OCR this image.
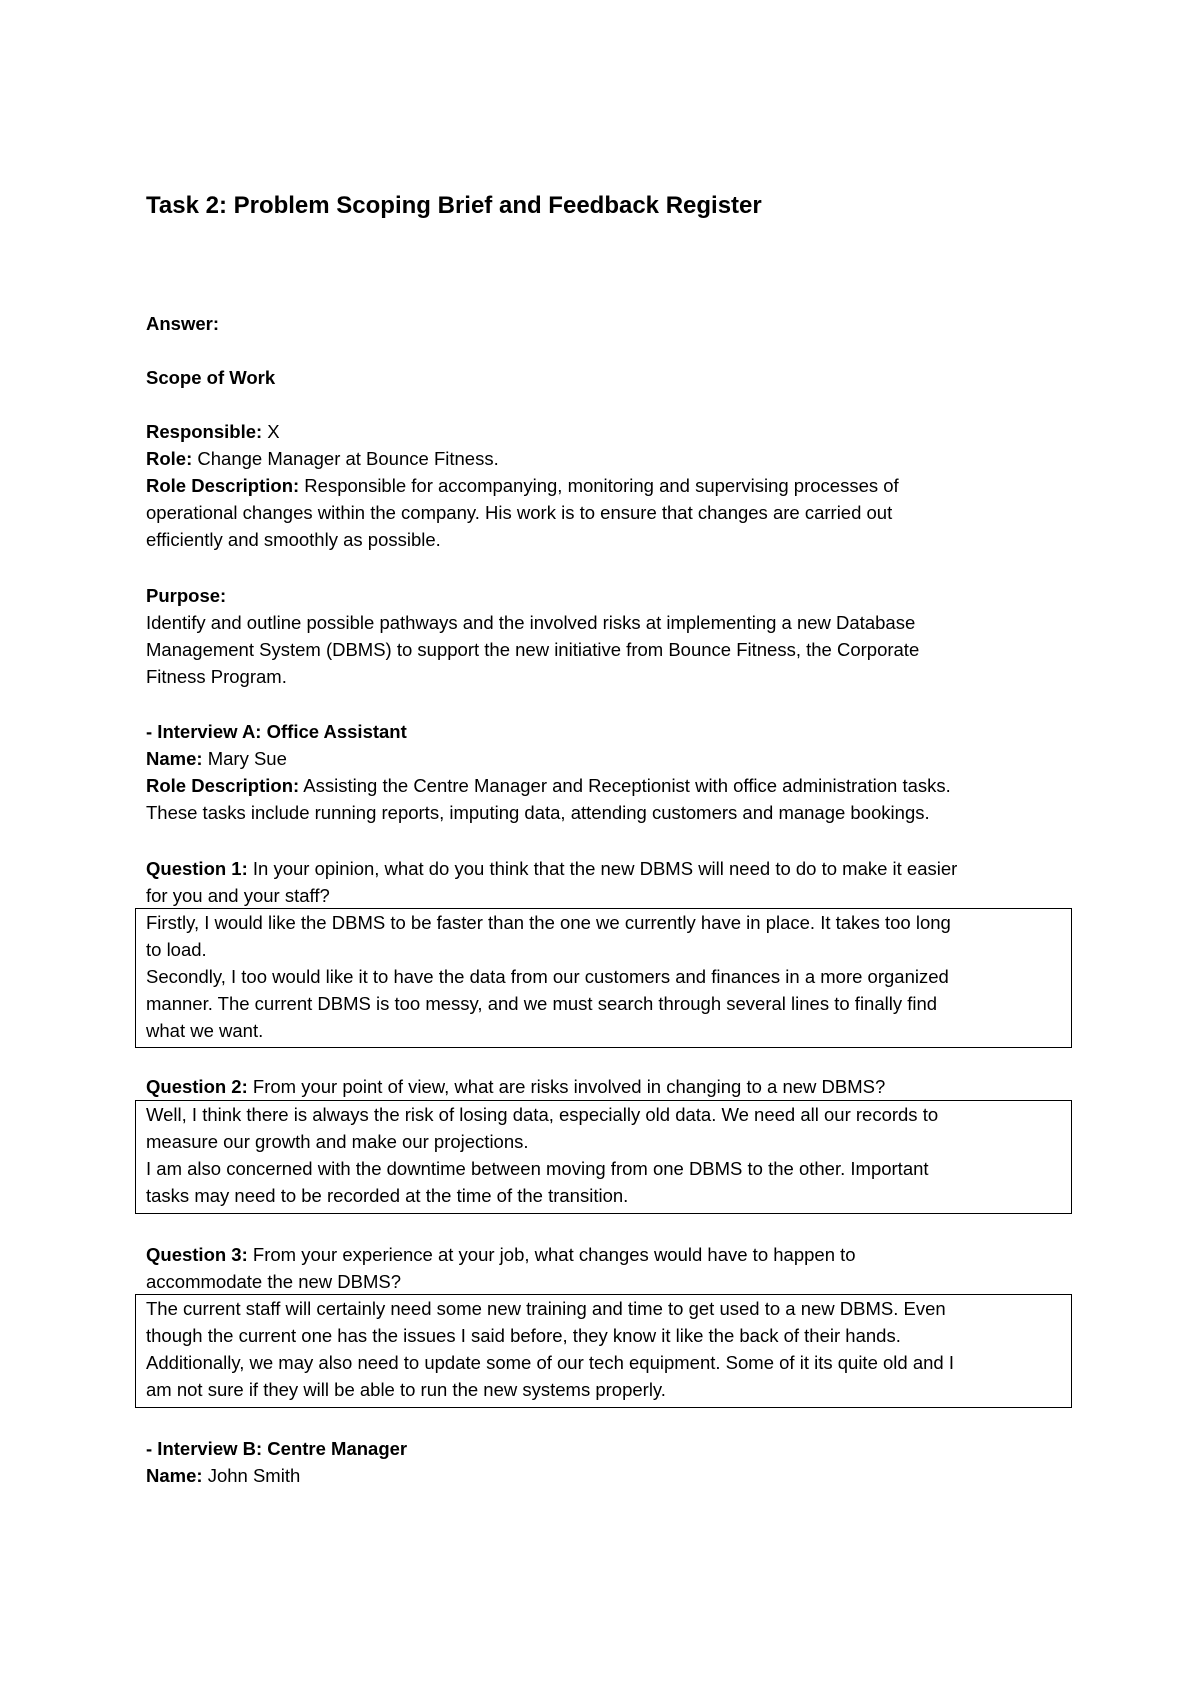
Task 2: Problem Scoping Brief and Feedback Register
Answer:
Scope of Work
Responsible: X
Role: Change Manager at Bounce Fitness.
Role Description: Responsible for accompanying, monitoring and supervising processes of
operational changes within the company. His work is to ensure that changes are carried out
efficiently and smoothly as possible.
Purpose:
Identify and outline possible pathways and the involved risks at implementing a new Database
Management System (DBMS) to support the new initiative from Bounce Fitness, the Corporate
Fitness Program.
- Interview A: Office Assistant
Name: Mary Sue
Role Description: Assisting the Centre Manager and Receptionist with office administration tasks.
These tasks include running reports, imputing data, attending customers and manage bookings.
Question 1: In your opinion, what do you think that the new DBMS will need to do to make it easier
for you and your staff?
Firstly, I would like the DBMS to be faster than the one we currently have in place. It takes too long
to load.
Secondly, I too would like it to have the data from our customers and finances in a more organized
manner. The current DBMS is too messy, and we must search through several lines to finally find
what we want.
Question 2: From your point of view, what are risks involved in changing to a new DBMS?
Well, I think there is always the risk of losing data, especially old data. We need all our records to
measure our growth and make our projections.
I am also concerned with the downtime between moving from one DBMS to the other. Important
tasks may need to be recorded at the time of the transition.
Question 3: From your experience at your job, what changes would have to happen to
accommodate the new DBMS?
The current staff will certainly need some new training and time to get used to a new DBMS. Even
though the current one has the issues I said before, they know it like the back of their hands.
Additionally, we may also need to update some of our tech equipment. Some of it its quite old and I
am not sure if they will be able to run the new systems properly.
- Interview B: Centre Manager
Name: John Smith
